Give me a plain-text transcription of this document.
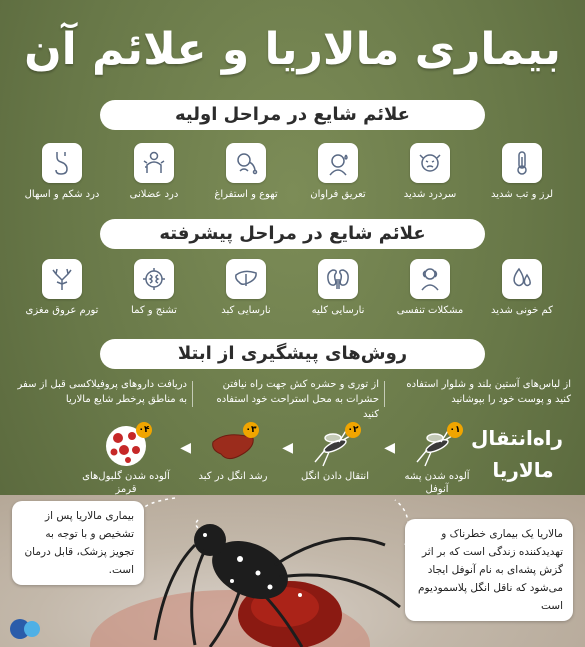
بیماری مالاریا و علائم آن
علائم شایع در مراحل اولیه
لرز و تب شدید
سردرد شدید
تعریق فراوان
تهوع و استفراغ
درد عضلانی
درد شکم و اسهال
علائم شایع در مراحل پیشرفته
کم خونی شدید
مشکلات تنفسی
نارسایی کلیه
نارسایی کبد
تشنج و کما
تورم عروق مغزی
روش‌های پیشگیری از ابتلا
از لباس‌های آستین بلند و شلوار استفاده کنید و پوست خود را بپوشانید
از توری و حشره کش جهت راه نیافتن حشرات به محل استراحت خود استفاده کنید
دریافت داروهای پروفیلاکسی قبل از سفر به مناطق پرخطر شایع مالاریا
راه‌انتقال
مالاریا
۰۱
آلوده شدن پشه آنوفل
۰۲
انتقال دادن انگل
۰۳
رشد انگل در کبد
۰۴
آلوده شدن گلبول‌های قرمز
◀
◀
◀
بیماری مالاریا پس از تشخیص و با توجه به تجویز پزشک، قابل درمان است.
مالاریا یک بیماری خطرناک و تهدیدکننده زندگی است که بر اثر گزش پشه‌ای به نام آنوفل ایجاد می‌شود که ناقل انگل پلاسمودیوم است
